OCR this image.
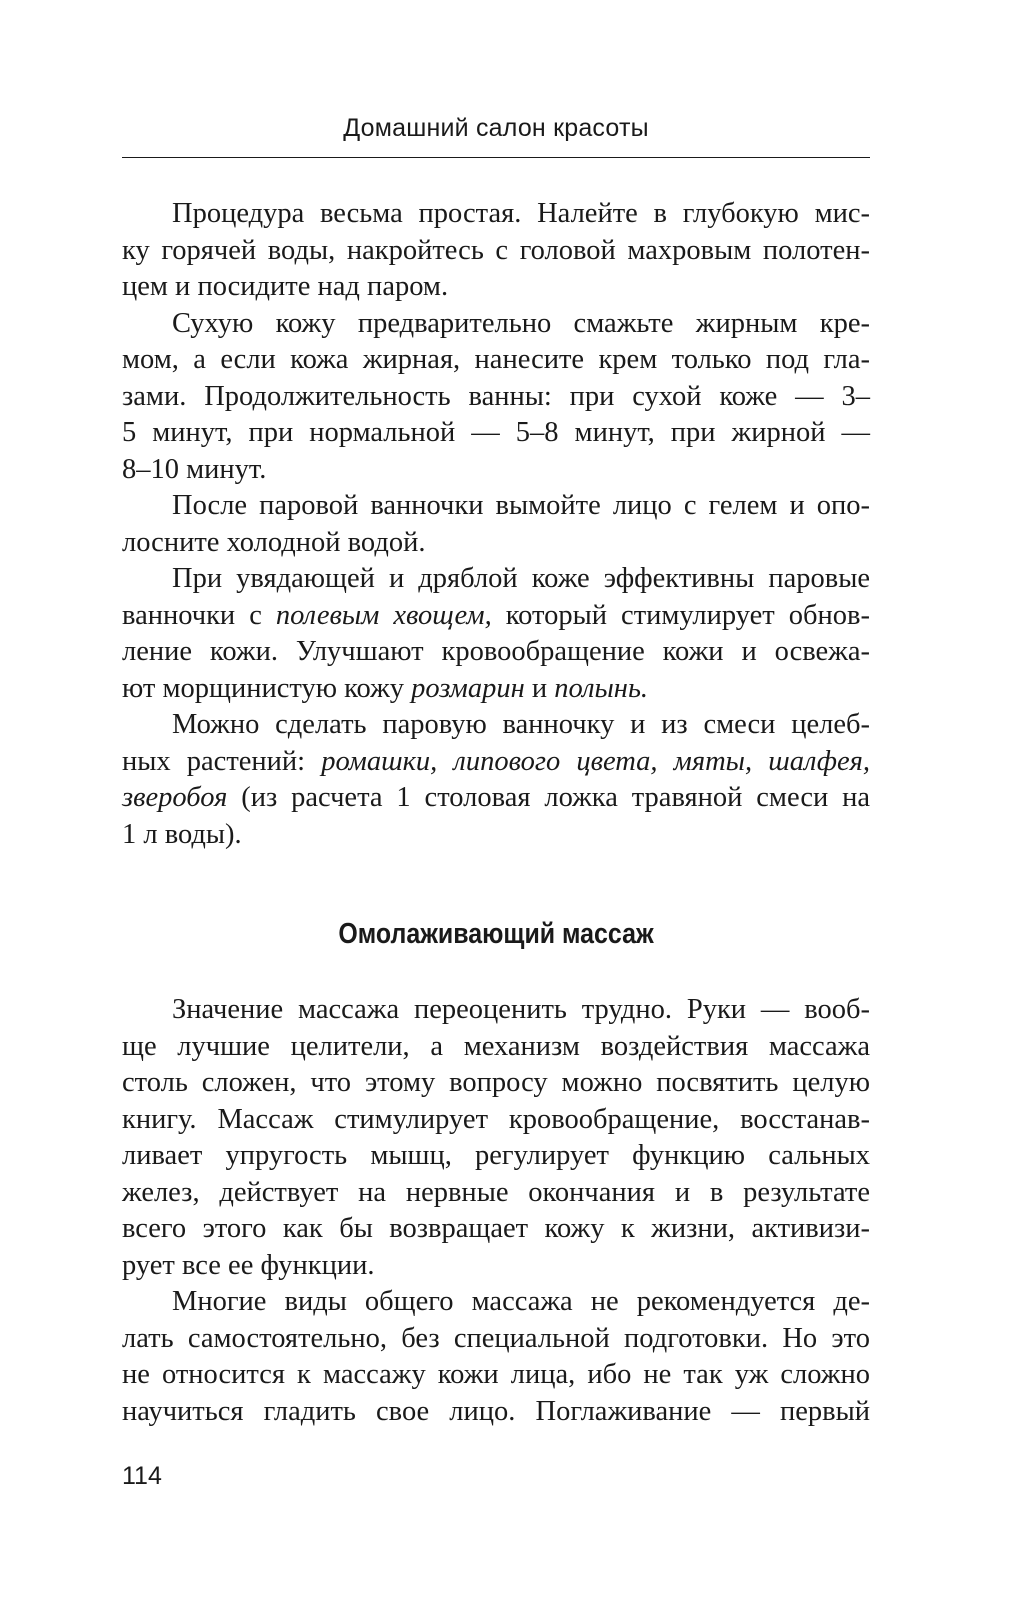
Домашний салон красоты
Процедура весьма простая. Налейте в глубокую мис-
ку горячей воды, накройтесь с головой махровым полотен-
цем и посидите над паром.
Сухую кожу предварительно смажьте жирным кре-
мом, а если кожа жирная, нанесите крем только под гла-
зами. Продолжительность ванны: при сухой коже — 3–
5 минут, при нормальной — 5–8 минут, при жирной —
8–10 минут.
После паровой ванночки вымойте лицо с гелем и опо-
лосните холодной водой.
При увядающей и дряблой коже эффективны паровые
ванночки с полевым хвощем, который стимулирует обнов-
ление кожи. Улучшают кровообращение кожи и освежа-
ют морщинистую кожу розмарин и полынь.
Можно сделать паровую ванночку и из смеси целеб-
ных растений: ромашки, липового цвета, мяты, шалфея,
зверобоя (из расчета 1 столовая ложка травяной смеси на
1 л воды).
Омолаживающий массаж
Значение массажа переоценить трудно. Руки — вооб-
ще лучшие целители, а механизм воздействия массажа
столь сложен, что этому вопросу можно посвятить целую
книгу. Массаж стимулирует кровообращение, восстанав-
ливает упругость мышц, регулирует функцию сальных
желез, действует на нервные окончания и в результате
всего этого как бы возвращает кожу к жизни, активизи-
рует все ее функции.
Многие виды общего массажа не рекомендуется де-
лать самостоятельно, без специальной подготовки. Но это
не относится к массажу кожи лица, ибо не так уж сложно
научиться гладить свое лицо. Поглаживание — первый
114
